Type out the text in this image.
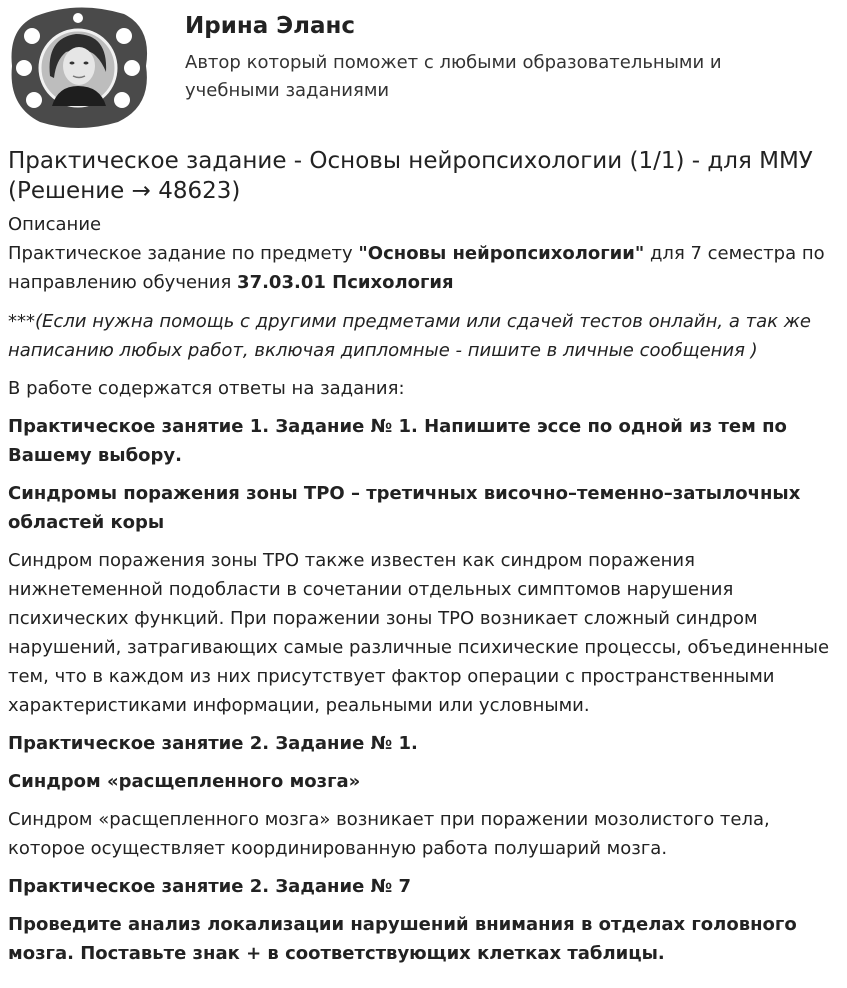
Ирина Эланс
Автор который поможет с любыми образовательными и учебными заданиями
Практическое задание - Основы нейропсихологии (1/1) - для ММУ (Решение → 48623)

Описание

Практическое задание по предмету "Основы нейропсихологии" для 7 семестра по направлению обучения 37.03.01 Психология

***(Если нужна помощь с другими предметами или сдачей тестов онлайн, а так же написанию любых работ, включая дипломные - пишите в личные сообщения )

В работе содержатся ответы на задания:

Практическое занятие 1. Задание № 1. Напишите эссе по одной из тем по Вашему выбору.

Синдромы поражения зоны ТРО – третичных височно–теменно–затылочных областей коры

Синдром поражения зоны ТРО также известен как синдром поражения нижнетеменной подобласти в сочетании отдельных симптомов нарушения психических функций. При поражении зоны ТРО возникает сложный синдром нарушений, затрагивающих самые различные психические процессы, объединенные тем, что в каждом из них присутствует фактор операции с пространственными характеристиками информации, реальными или условными.

Практическое занятие 2. Задание № 1.

Синдром «расщепленного мозга»

Синдром «расщепленного мозга» возникает при поражении мозолистого тела, которое осуществляет координированную работа полушарий мозга.

Практическое занятие 2. Задание № 7

Проведите анализ локализации нарушений внимания в отделах головного мозга. Поставьте знак + в соответствующих клетках таблицы.
